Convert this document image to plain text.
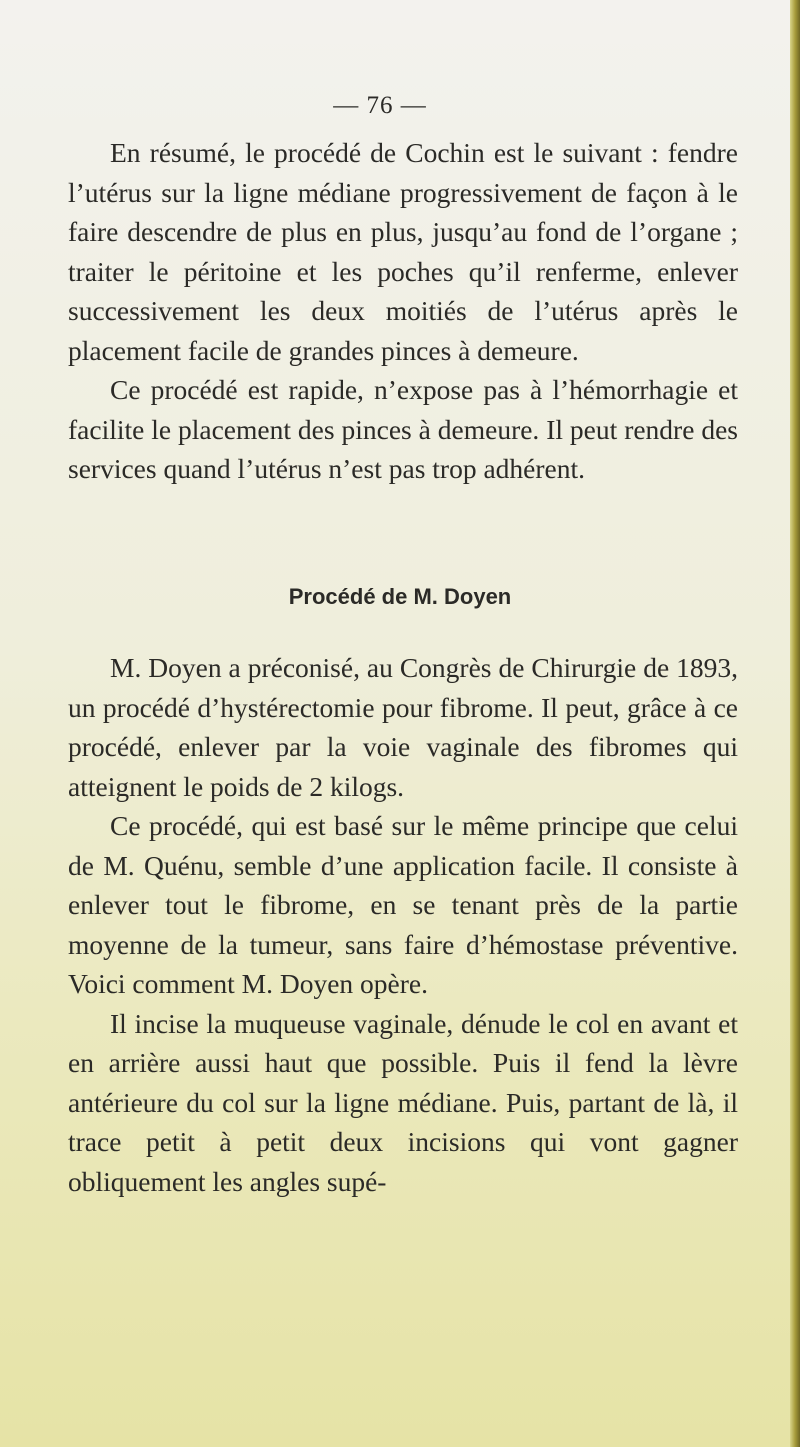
— 76 —

En résumé, le procédé de Cochin est le suivant : fendre l’utérus sur la ligne médiane progressivement de façon à le faire descendre de plus en plus, jusqu’au fond de l’organe ; traiter le péritoine et les poches qu’il renferme, enlever successivement les deux moitiés de l’utérus après le placement facile de grandes pinces à demeure.

Ce procédé est rapide, n’expose pas à l’hémorrhagie et facilite le placement des pinces à demeure. Il peut rendre des services quand l’utérus n’est pas trop adhérent.

Procédé de M. Doyen

M. Doyen a préconisé, au Congrès de Chirurgie de 1893, un procédé d’hystérectomie pour fibrome. Il peut, grâce à ce procédé, enlever par la voie vaginale des fibromes qui atteignent le poids de 2 kilogs.

Ce procédé, qui est basé sur le même principe que celui de M. Quénu, semble d’une application facile. Il consiste à enlever tout le fibrome, en se tenant près de la partie moyenne de la tumeur, sans faire d’hémostase préventive. Voici comment M. Doyen opère.

Il incise la muqueuse vaginale, dénude le col en avant et en arrière aussi haut que possible. Puis il fend la lèvre antérieure du col sur la ligne médiane. Puis, partant de là, il trace petit à petit deux incisions qui vont gagner obliquement les angles supé-
